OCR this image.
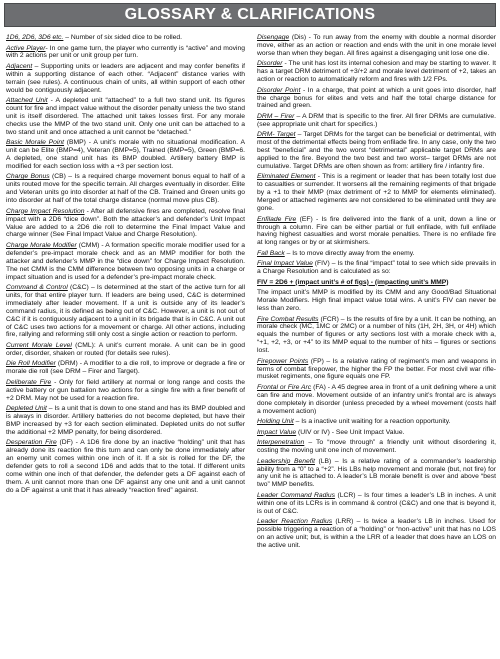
GLOSSARY & CLARIFICATIONS

1D6, 2D6, 3D6 etc. – Number of six sided dice to be rolled.

Active Player- In one game turn, the player who currently is “active” and moving with 2 actions per unit or unit group per turn.

Adjacent – Supporting units or leaders are adjacent and may confer benefits if within a supporting distance of each other. “Adjacent” distance varies with terrain (see rules). A continuous chain of units, all within support of each other would be contiguously adjacent.

Attached Unit - A depleted unit “attached” to a full two stand unit. Its figures count for fire and impact value without the disorder penalty unless the two stand unit is itself disordered. The attached unit takes losses first. For any morale checks use the MMP of the two stand unit. Only one unit can be attached to a two stand unit and once attached a unit cannot be “detached.”

Basic Morale Point (BMP) - A unit’s morale with no situational modification. A unit can be Elite (BMP=4), Veteran (BMP=5), Trained (BMP=5), Green (BMP=6. A depleted, one stand unit has its BMP doubled. Artillery battery BMP is modified for each section loss with a +3 per section lost.

Charge Bonus (CB) – Is a required charge movement bonus equal to half of a units routed move for the specific terrain. All charges eventually in disorder. Elite and Veteran units go into disorder at half of the CB. Trained and Green units go into disorder at half of the total charge distance (normal move plus CB).

Charge Impact Resolution - After all defensive fires are completed, resolve final impact with a 2D6 “dice down”. Both the attacker’s and defender’s Unit Impact Value are added to a 2D6 die roll to determine the Final Impact Value and charge winner (See Final Impact Value and Charge Resolution).

Charge Morale Modifier (CMM) - A formation specific morale modifier used for a defender’s pre-impact morale check and as an MMP modifier for both the attacker and defender’s MMP in the “dice down” for Charge Impact Resolution. The net CMM is the CMM difference between two opposing units in a charge or impact situation and is used for a defender’s pre-impact morale check.

Command & Control (C&C) – Is determined at the start of the active turn for all units, for that entire player turn. If leaders are being used, C&C is determined immediately after leader movement. If a unit is outside any of its leader’s command radius, it is defined as being out of C&C. However, a unit is not out of C&C if it is contiguously adjacent to a unit in its brigade that is in C&C. A unit out of C&C uses two actions for a movement or charge. All other actions, including fire, rallying and reforming still only cost a single action or reaction to perform.

Current Morale Level (CML): A unit’s current morale. A unit can be in good order, disorder, shaken or routed (for details see rules).

Die Roll Modifier (DRM) - A modifier to a die roll, to improve or degrade a fire or morale die roll (see DRM – Firer and Target).

Deliberate Fire - Only for field artillery at normal or long range and costs the active battery or gun battalion two actions for a single fire with a firer benefit of +2 DRM. May not be used for a reaction fire.

Depleted Unit – Is a unit that is down to one stand and has its BMP doubled and is always in disorder. Artillery batteries do not become depleted, but have their BMP increased by +3 for each section eliminated. Depleted units do not suffer the additional +2 MMP penalty, for being disordered.

Desperation Fire (DF) - A 1D6 fire done by an inactive “holding” unit that has already done its reaction fire this turn and can only be done immediately after an enemy unit comes within one inch of it. If a six is rolled for the DF, the defender gets to roll a second 1D6 and adds that to the total. If different units come within one inch of that defender, the defender gets a DF against each of them. A unit cannot more than one DF against any one unit and a unit cannot do a DF against a unit that it has already “reaction fired” against.

Disengage (Dis) - To run away from the enemy with double a normal disorder move, either as an action or reaction and ends with the unit in one morale level worse than when they began. All fires against a disengaging unit lose one die.

Disorder - The unit has lost its internal cohesion and may be starting to waver. It has a target DRM detriment of +3/+2 and morale level detriment of +2, takes an action or reaction to automatically reform and fires with 1/2 FPs.

Disorder Point - In a charge, that point at which a unit goes into disorder, half the charge bonus for elites and vets and half the total charge distance for trained and green.

DRM – Firer – A DRM that is specific to the firer. All firer DRMs are cumulative. (see appropriate unit chart for specifics.)

DRM- Target – Target DRMs for the target can be beneficial or detrimental, with most of the detrimental effects being from enfilade fire. In any case, only the two best “beneficial” and the two worst “detrimental” applicable target DRMs are applied to the fire. Beyond the two best and two worst– target DRMs are not cumulative. Target DRMs are often shown as from: artillery fire / infantry fire.

Eliminated Element - This is a regiment or leader that has been totally lost due to casualties or surrender. It worsens all the remaining regiments of that brigade by a +1 to their MMP (max detriment of +2 to MMP for elements eliminated). Merged or attached regiments are not considered to be eliminated until they are gone.

Enfilade Fire (EF) - Is fire delivered into the flank of a unit, down a line or through a column. Fire can be either partial or full enfilade, with full enfilade having highest casualties and worst morale penalties. There is no enfilade fire at long ranges or by or at skirmishers.

Fall Back – Is to move directly away from the enemy.

Final Impact Value (FIV) – Is the final “impact” total to see which side prevails in a Charge Resolution and is calculated as so:

FIV = 2D6 + (impact unit’s # of figs) - (impacting unit’s MMP)

The impact unit’s MMP is modified by its CMM and any Good/Bad Situational Morale Modifiers. High final impact value total wins. A unit’s FIV can never be less than zero.

Fire Combat Results (FCR) – Is the results of fire by a unit. It can be nothing, an morale check (MC, 1MC or 2MC) or a number of hits (1H, 2H, 3H, or 4H) which equals the number of figures or arty sections lost with a morale check with a, “+1, +2, +3, or +4” to its MMP equal to the number of hits – figures or sections lost.

Firepower Points (FP) – Is a relative rating of regiment’s men and weapons in terms of combat firepower, the higher the FP the better. For most civil war rifle-musket regiments, one figure equals one FP.

Frontal or Fire Arc (FA) - A 45 degree area in front of a unit defining where a unit can fire and move. Movement outside of an infantry unit’s frontal arc is always done completely in disorder (unless preceded by a wheel movement (costs half a movement action)

Holding Unit – Is a inactive unit waiting for a reaction opportunity.

Impact Value (UIV or IV) - See Unit Impact Value.

Interpenetration – To “move through” a friendly unit without disordering it, costing the moving unit one inch of movement.

Leadership Benefit (LB) – Is a relative rating of a commander’s leadership ability from a “0” to a “+2”. His LBs help movement and morale (but, not fire) for any unit he is attached to. A leader’s LB morale benefit is over and above “best two” MMP benefits.

Leader Command Radius (LCR) – Is four times a leader’s LB in inches. A unit within one of its LCRs is in command & control (C&C) and one that is beyond it, is out of C&C.

Leader Reaction Radius (LRR) – Is twice a leader’s LB in inches. Used for possible triggering a reaction of a “holding” or “non-active” unit that has no LOS on an active unit; but, is within a the LRR of a leader that does have an LOS on the active unit.
